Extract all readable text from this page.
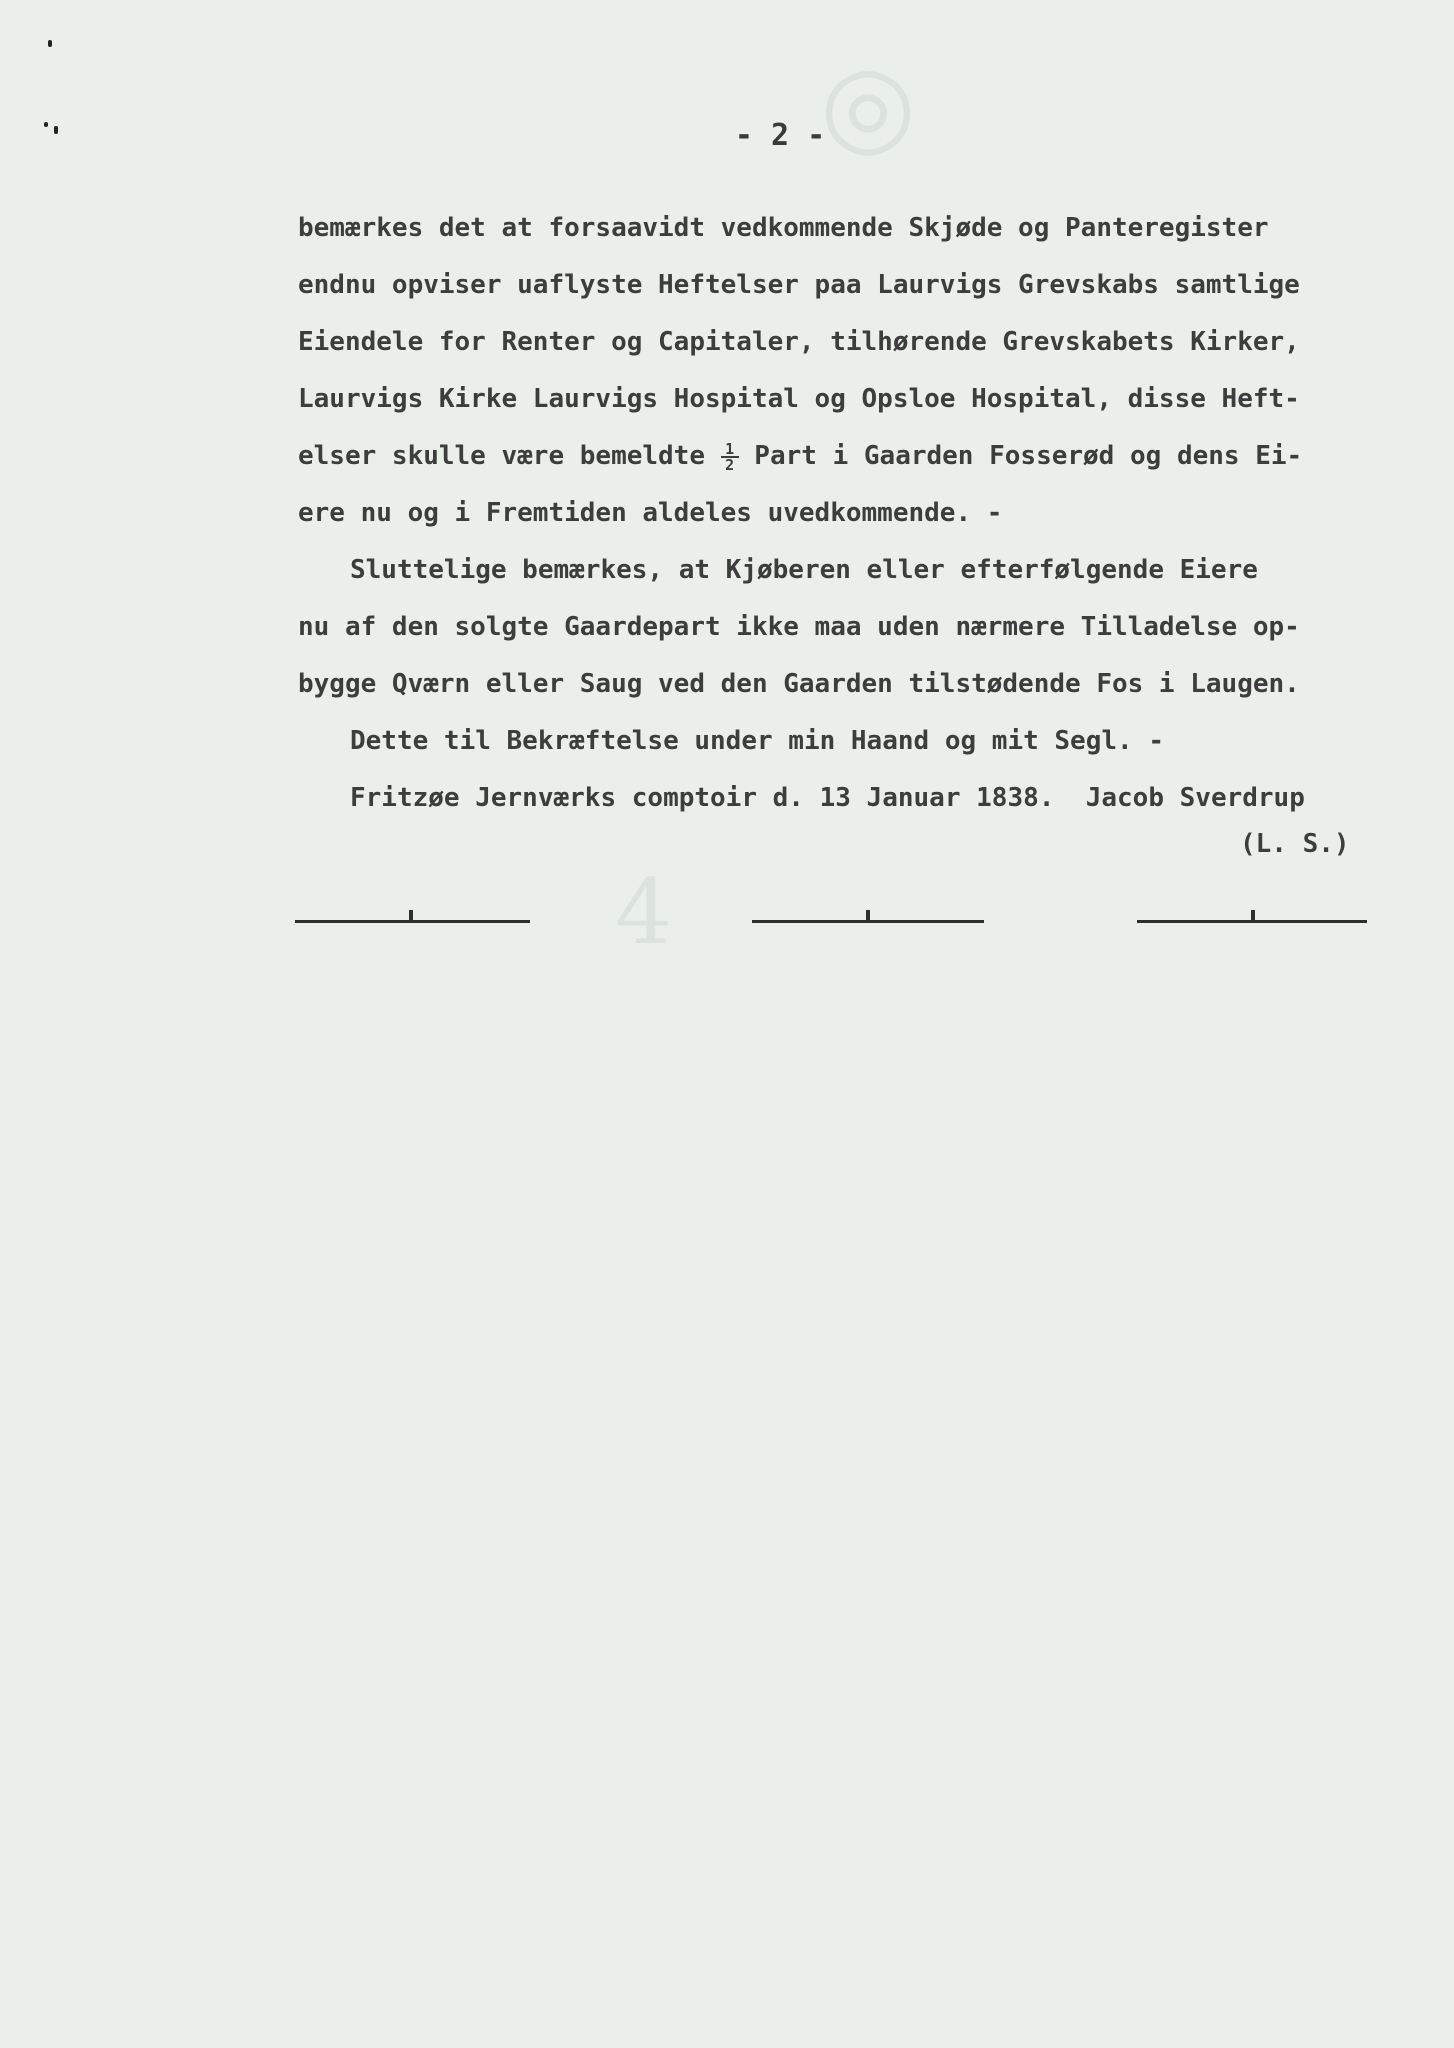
◎
4
- 2 -
bemærkes det at forsaavidt vedkommende Skjøde og Panteregister
endnu opviser uaflyste Heftelser paa Laurvigs Grevskabs samtlige
Eiendele for Renter og Capitaler, tilhørende Grevskabets Kirker,
Laurvigs Kirke Laurvigs Hospital og Opsloe Hospital, disse Heft-
elser skulle være bemeldte $\frac{1}{2}$ Part i Gaarden Fosserød og dens Ei-
ere nu og i Fremtiden aldeles uvedkommende. -
Sluttelige bemærkes, at Kjøberen eller efterfølgende Eiere
nu af den solgte Gaardepart ikke maa uden nærmere Tilladelse op-
bygge Qværn eller Saug ved den Gaarden tilstødende Fos i Laugen.
Dette til Bekræftelse under min Haand og mit Segl. -
Fritzøe Jernværks comptoir d. 13 Januar 1838. Jacob Sverdrup
(L. S.)
